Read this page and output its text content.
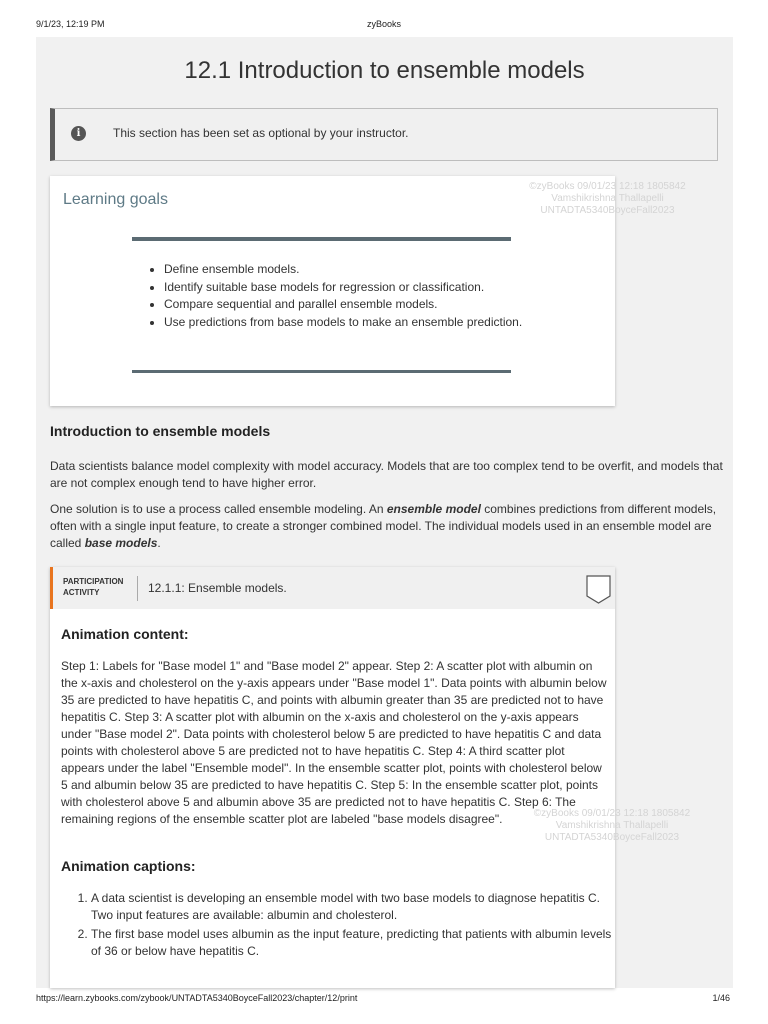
9/1/23, 12:19 PM	zyBooks
12.1 Introduction to ensemble models
i	This section has been set as optional by your instructor.
Learning goals
• Define ensemble models.
• Identify suitable base models for regression or classification.
• Compare sequential and parallel ensemble models.
• Use predictions from base models to make an ensemble prediction.
©zyBooks 09/01/23 12:18 1805842
Vamshikrishna Thallapelli
UNTADTA5340BoyceFall2023
Introduction to ensemble models

Data scientists balance model complexity with model accuracy. Models that are too complex tend to be overfit, and models that are not complex enough tend to have higher error.

One solution is to use a process called ensemble modeling. An ensemble model combines predictions from different models, often with a single input feature, to create a stronger combined model. The individual models used in an ensemble model are called base models.

PARTICIPATION
ACTIVITY	12.1.1: Ensemble models.
Animation content:

Step 1: Labels for "Base model 1" and "Base model 2" appear. Step 2: A scatter plot with albumin on the x-axis and cholesterol on the y-axis appears under "Base model 1". Data points with albumin below 35 are predicted to have hepatitis C, and points with albumin greater than 35 are predicted not to have hepatitis C. Step 3: A scatter plot with albumin on the x-axis and cholesterol on the y-axis appears under "Base model 2". Data points with cholesterol below 5 are predicted to have hepatitis C and data points with cholesterol above 5 are predicted not to have hepatitis C. Step 4: A third scatter plot appears under the label "Ensemble model". In the ensemble scatter plot, points with cholesterol below 5 and albumin below 35 are predicted to have hepatitis C. Step 5: In the ensemble scatter plot, points with cholesterol above 5 and albumin above 35 are predicted not to have hepatitis C. Step 6: The remaining regions of the ensemble scatter plot are labeled "base models disagree".

Animation captions:
1. A data scientist is developing an ensemble model with two base models to diagnose hepatitis C. Two input features are available: albumin and cholesterol.
2. The first base model uses albumin as the input feature, predicting that patients with albumin levels of 36 or below have hepatitis C.
©zyBooks 09/01/23 12:18 1805842
Vamshikrishna Thallapelli
UNTADTA5340BoyceFall2023
https://learn.zybooks.com/zybook/UNTADTA5340BoyceFall2023/chapter/12/print	1/46
